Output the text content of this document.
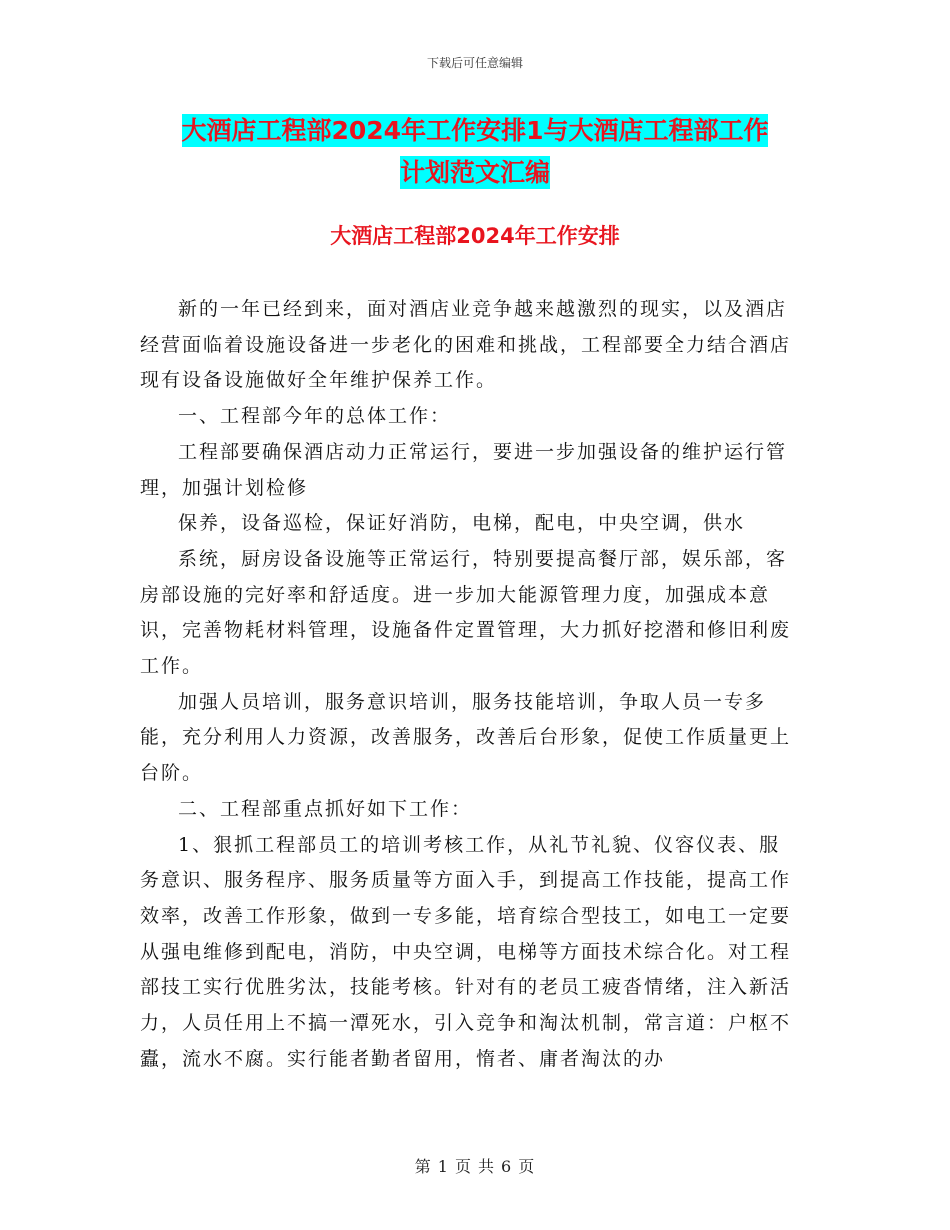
下载后可任意编辑
大酒店工程部2024年工作安排1与大酒店工程部工作
计划范文汇编
大酒店工程部2024年工作安排

新的一年已经到来，面对酒店业竞争越来越激烈的现实，以及酒店经营面临着设施设备进一步老化的困难和挑战，工程部要全力结合酒店现有设备设施做好全年维护保养工作。

一、工程部今年的总体工作：

工程部要确保酒店动力正常运行，要进一步加强设备的维护运行管理，加强计划检修

保养，设备巡检，保证好消防，电梯，配电，中央空调，供水

系统，厨房设备设施等正常运行，特别要提高餐厅部，娱乐部，客房部设施的完好率和舒适度。进一步加大能源管理力度，加强成本意识，完善物耗材料管理，设施备件定置管理，大力抓好挖潜和修旧利废工作。

加强人员培训，服务意识培训，服务技能培训，争取人员一专多能，充分利用人力资源，改善服务，改善后台形象，促使工作质量更上台阶。

二、工程部重点抓好如下工作：

1、狠抓工程部员工的培训考核工作，从礼节礼貌、仪容仪表、服务意识、服务程序、服务质量等方面入手，到提高工作技能，提高工作效率，改善工作形象，做到一专多能，培育综合型技工，如电工一定要从强电维修到配电，消防，中央空调，电梯等方面技术综合化。对工程部技工实行优胜劣汰，技能考核。针对有的老员工疲沓情绪，注入新活力，人员任用上不搞一潭死水，引入竞争和淘汰机制，常言道：户枢不蠹，流水不腐。实行能者勤者留用，惰者、庸者淘汰的办

第 1 页 共 6 页
